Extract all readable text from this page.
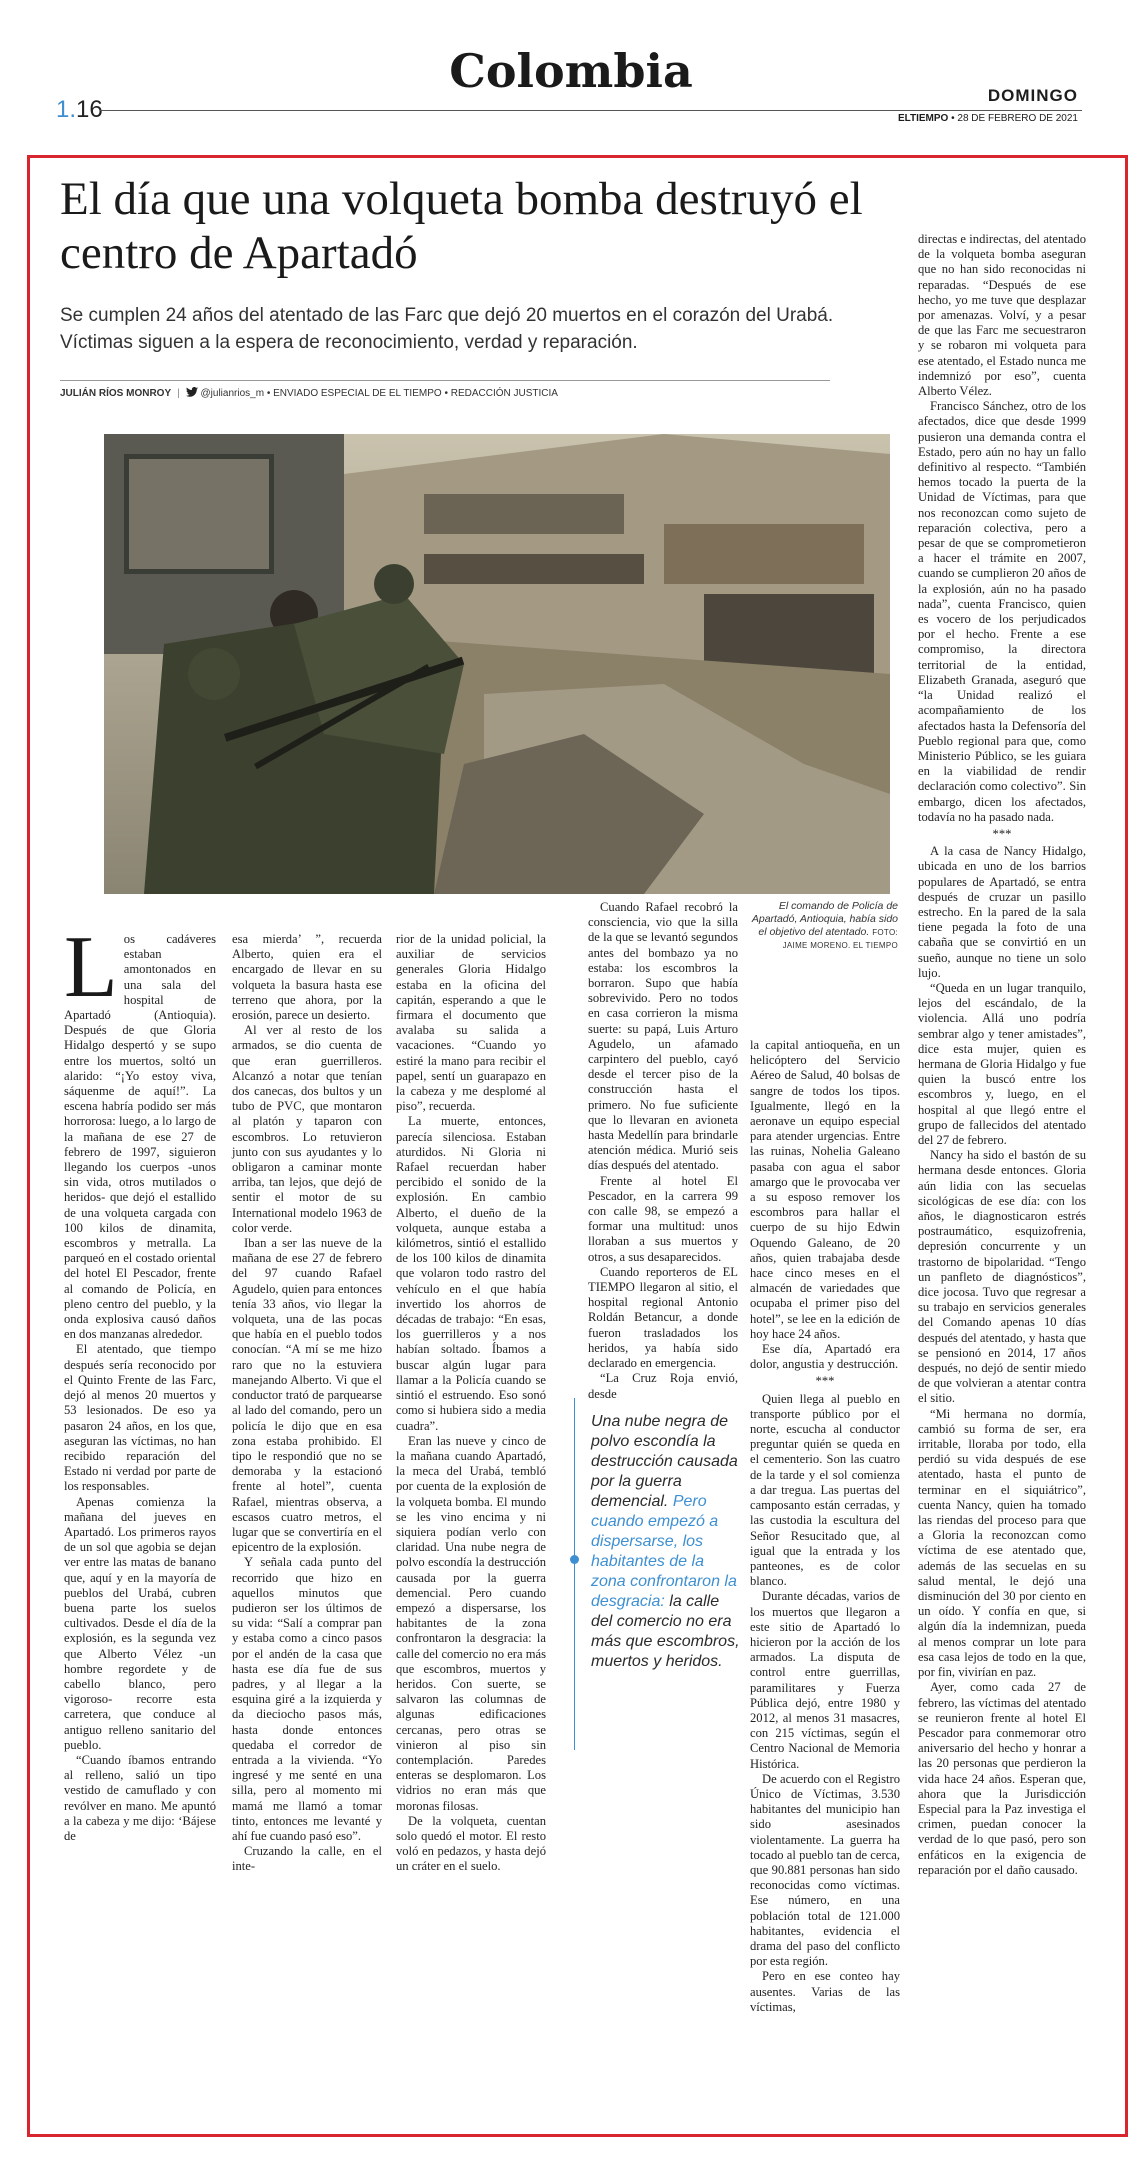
Colombia
1.16
DOMINGO
ELTIEMPO • 28 DE FEBRERO DE 2021
El día que una volqueta bomba destruyó el centro de Apartadó
Se cumplen 24 años del atentado de las Farc que dejó 20 muertos en el corazón del Urabá. Víctimas siguen a la espera de reconocimiento, verdad y reparación.
JULIÁN RÍOS MONROY | @julianrios_m • ENVIADO ESPECIAL DE EL TIEMPO • REDACCIÓN JUSTICIA
El comando de Policía de Apartadó, Antioquia, había sido el objetivo del atentado. FOTO: JAIME MORENO. EL TIEMPO
L os cadáveres estaban amontonados en una sala del hospital de Apartadó (Antioquia). Después de que Gloria Hidalgo despertó y se supo entre los muertos, soltó un alarido: “¡Yo estoy viva, sáquenme de aquí!”. La escena habría podido ser más horrorosa: luego, a lo largo de la mañana de ese 27 de febrero de 1997, siguieron llegando los cuerpos -unos sin vida, otros mutilados o heridos- que dejó el estallido de una volqueta cargada con 100 kilos de dinamita, escombros y metralla. La parqueó en el costado oriental del hotel El Pescador, frente al comando de Policía, en pleno centro del pueblo, y la onda explosiva causó daños en dos manzanas alrededor.

El atentado, que tiempo después sería reconocido por el Quinto Frente de las Farc, dejó al menos 20 muertos y 53 lesionados. De eso ya pasaron 24 años, en los que, aseguran las víctimas, no han recibido reparación del Estado ni verdad por parte de los responsables.

Apenas comienza la mañana del jueves en Apartadó. Los primeros rayos de un sol que agobia se dejan ver entre las matas de banano que, aquí y en la mayoría de pueblos del Urabá, cubren buena parte los suelos cultivados. Desde el día de la explosión, es la segunda vez que Alberto Vélez -un hombre regordete y de cabello blanco, pero vigoroso- recorre esta carretera, que conduce al antiguo relleno sanitario del pueblo.

“Cuando íbamos entrando al relleno, salió un tipo vestido de camuflado y con revólver en mano. Me apuntó a la cabeza y me dijo: ‘Bájese de

esa mierda’ ”, recuerda Alberto, quien era el encargado de llevar en su volqueta la basura hasta ese terreno que ahora, por la erosión, parece un desierto.

Al ver al resto de los armados, se dio cuenta de que eran guerrilleros. Alcanzó a notar que tenían dos canecas, dos bultos y un tubo de PVC, que montaron al platón y taparon con escombros. Lo retuvieron junto con sus ayudantes y lo obligaron a caminar monte arriba, tan lejos, que dejó de sentir el motor de su International modelo 1963 de color verde.

Iban a ser las nueve de la mañana de ese 27 de febrero del 97 cuando Rafael Agudelo, quien para entonces tenía 33 años, vio llegar la volqueta, una de las pocas que había en el pueblo todos conocían. “A mí se me hizo raro que no la estuviera manejando Alberto. Vi que el conductor trató de parquearse al lado del comando, pero un policía le dijo que en esa zona estaba prohibido. El tipo le respondió que no se demoraba y la estacionó frente al hotel”, cuenta Rafael, mientras observa, a escasos cuatro metros, el lugar que se convertiría en el epicentro de la explosión.

Y señala cada punto del recorrido que hizo en aquellos minutos que pudieron ser los últimos de su vida: “Salí a comprar pan y estaba como a cinco pasos por el andén de la casa que hasta ese día fue de sus padres, y al llegar a la esquina giré a la izquierda y da dieciocho pasos más, hasta donde entonces quedaba el corredor de entrada a la vivienda. “Yo ingresé y me senté en una silla, pero al momento mi mamá me llamó a tomar tinto, entonces me levanté y ahí fue cuando pasó eso”.

Cruzando la calle, en el inte-

rior de la unidad policial, la auxiliar de servicios generales Gloria Hidalgo estaba en la oficina del capitán, esperando a que le firmara el documento que avalaba su salida a vacaciones. “Cuando yo estiré la mano para recibir el papel, sentí un guarapazo en la cabeza y me desplomé al piso”, recuerda.

La muerte, entonces, parecía silenciosa. Estaban aturdidos. Ni Gloria ni Rafael recuerdan haber percibido el sonido de la explosión. En cambio Alberto, el dueño de la volqueta, aunque estaba a kilómetros, sintió el estallido de los 100 kilos de dinamita que volaron todo rastro del vehículo en el que había invertido los ahorros de décadas de trabajo: “En esas, los guerrilleros y a nos habían soltado. Íbamos a buscar algún lugar para llamar a la Policía cuando se sintió el estruendo. Eso sonó como si hubiera sido a media cuadra”.

Eran las nueve y cinco de la mañana cuando Apartadó, la meca del Urabá, tembló por cuenta de la explosión de la volqueta bomba. El mundo se les vino encima y ni siquiera podían verlo con claridad. Una nube negra de polvo escondía la destrucción causada por la guerra demencial. Pero cuando empezó a dispersarse, los habitantes de la zona confrontaron la desgracia: la calle del comercio no era más que escombros, muertos y heridos. Con suerte, se salvaron las columnas de algunas edificaciones cercanas, pero otras se vinieron al piso sin contemplación. Paredes enteras se desplomaron. Los vidrios no eran más que moronas filosas.

De la volqueta, cuentan solo quedó el motor. El resto voló en pedazos, y hasta dejó un cráter en el suelo.

Cuando Rafael recobró la consciencia, vio que la silla de la que se levantó segundos antes del bombazo ya no estaba: los escombros la borraron. Supo que había sobrevivido. Pero no todos en casa corrieron la misma suerte: su papá, Luis Arturo Agudelo, un afamado carpintero del pueblo, cayó desde el tercer piso de la construcción hasta el primero. No fue suficiente que lo llevaran en avioneta hasta Medellín para brindarle atención médica. Murió seis días después del atentado.

Frente al hotel El Pescador, en la carrera 99 con calle 98, se empezó a formar una multitud: unos lloraban a sus muertos y otros, a sus desaparecidos.

Cuando reporteros de EL TIEMPO llegaron al sitio, el hospital regional Antonio Roldán Betancur, a donde fueron trasladados los heridos, ya había sido declarado en emergencia.

“La Cruz Roja envió, desde

Una nube negra de polvo escondía la destrucción causada por la guerra demencial. Pero cuando empezó a dispersarse, los habitantes de la zona confrontaron la desgracia: la calle del comercio no era más que escombros, muertos y heridos.

la capital antioqueña, en un helicóptero del Servicio Aéreo de Salud, 40 bolsas de sangre de todos los tipos. Igualmente, llegó en la aeronave un equipo especial para atender urgencias. Entre las ruinas, Nohelia Galeano pasaba con agua el sabor amargo que le provocaba ver a su esposo remover los escombros para hallar el cuerpo de su hijo Edwin Oquendo Galeano, de 20 años, quien trabajaba desde hace cinco meses en el almacén de variedades que ocupaba el primer piso del hotel”, se lee en la edición de hoy hace 24 años.

Ese día, Apartadó era dolor, angustia y destrucción.

***

Quien llega al pueblo en transporte público por el norte, escucha al conductor preguntar quién se queda en el cementerio. Son las cuatro de la tarde y el sol comienza a dar tregua. Las puertas del camposanto están cerradas, y las custodia la escultura del Señor Resucitado que, al igual que la entrada y los panteones, es de color blanco.

Durante décadas, varios de los muertos que llegaron a este sitio de Apartadó lo hicieron por la acción de los armados. La disputa de control entre guerrillas, paramilitares y Fuerza Pública dejó, entre 1980 y 2012, al menos 31 masacres, con 215 víctimas, según el Centro Nacional de Memoria Histórica.

De acuerdo con el Registro Único de Víctimas, 3.530 habitantes del municipio han sido asesinados violentamente. La guerra ha tocado al pueblo tan de cerca, que 90.881 personas han sido reconocidas como víctimas. Ese número, en una población total de 121.000 habitantes, evidencia el drama del paso del conflicto por esta región.

Pero en ese conteo hay ausentes. Varias de las víctimas,

directas e indirectas, del atentado de la volqueta bomba aseguran que no han sido reconocidas ni reparadas. “Después de ese hecho, yo me tuve que desplazar por amenazas. Volví, y a pesar de que las Farc me secuestraron y se robaron mi volqueta para ese atentado, el Estado nunca me indemnizó por eso”, cuenta Alberto Vélez.

Francisco Sánchez, otro de los afectados, dice que desde 1999 pusieron una demanda contra el Estado, pero aún no hay un fallo definitivo al respecto. “También hemos tocado la puerta de la Unidad de Víctimas, para que nos reconozcan como sujeto de reparación colectiva, pero a pesar de que se comprometieron a hacer el trámite en 2007, cuando se cumplieron 20 años de la explosión, aún no ha pasado nada”, cuenta Francisco, quien es vocero de los perjudicados por el hecho. Frente a ese compromiso, la directora territorial de la entidad, Elizabeth Granada, aseguró que “la Unidad realizó el acompañamiento de los afectados hasta la Defensoría del Pueblo regional para que, como Ministerio Público, se les guiara en la viabilidad de rendir declaración como colectivo”. Sin embargo, dicen los afectados, todavía no ha pasado nada.

***

A la casa de Nancy Hidalgo, ubicada en uno de los barrios populares de Apartadó, se entra después de cruzar un pasillo estrecho. En la pared de la sala tiene pegada la foto de una cabaña que se convirtió en un sueño, aunque no tiene un solo lujo.

“Queda en un lugar tranquilo, lejos del escándalo, de la violencia. Allá uno podría sembrar algo y tener amistades”, dice esta mujer, quien es hermana de Gloria Hidalgo y fue quien la buscó entre los escombros y, luego, en el hospital al que llegó entre el grupo de fallecidos del atentado del 27 de febrero.

Nancy ha sido el bastón de su hermana desde entonces. Gloria aún lidia con las secuelas sicológicas de ese día: con los años, le diagnosticaron estrés postraumático, esquizofrenia, depresión concurrente y un trastorno de bipolaridad. “Tengo un panfleto de diagnósticos”, dice jocosa. Tuvo que regresar a su trabajo en servicios generales del Comando apenas 10 días después del atentado, y hasta que se pensionó en 2014, 17 años después, no dejó de sentir miedo de que volvieran a atentar contra el sitio.

“Mi hermana no dormía, cambió su forma de ser, era irritable, lloraba por todo, ella perdió su vida después de ese atentado, hasta el punto de terminar en el siquiátrico”, cuenta Nancy, quien ha tomado las riendas del proceso para que a Gloria la reconozcan como víctima de ese atentado que, además de las secuelas en su salud mental, le dejó una disminución del 30 por ciento en un oído. Y confía en que, si algún día la indemnizan, pueda al menos comprar un lote para esa casa lejos de todo en la que, por fin, vivirían en paz.

Ayer, como cada 27 de febrero, las víctimas del atentado se reunieron frente al hotel El Pescador para conmemorar otro aniversario del hecho y honrar a las 20 personas que perdieron la vida hace 24 años. Esperan que, ahora que la Jurisdicción Especial para la Paz investiga el crimen, puedan conocer la verdad de lo que pasó, pero son enfáticos en la exigencia de reparación por el daño causado.
